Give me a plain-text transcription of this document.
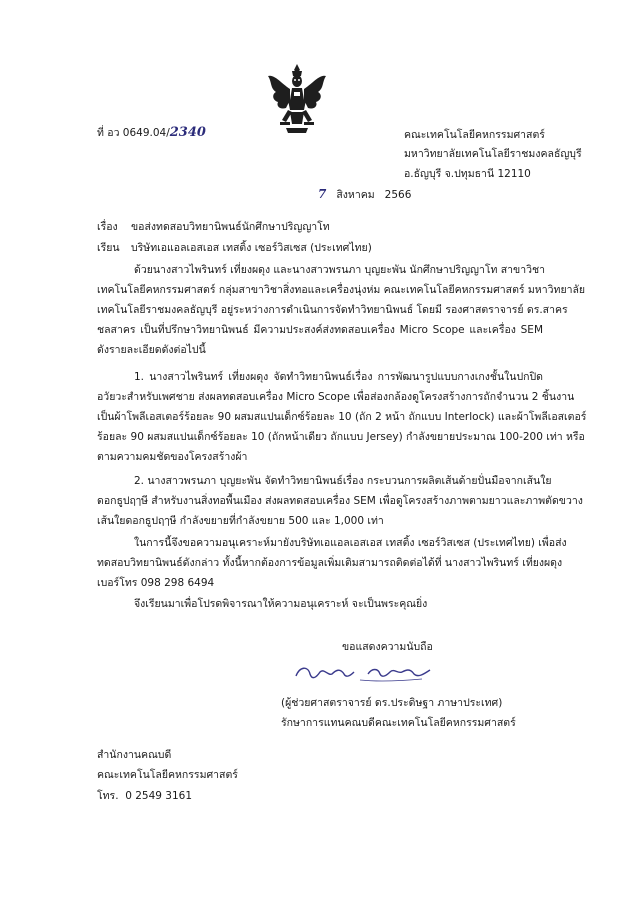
ที่ อว 0649.04/2340	คณะเทคโนโลยีคหกรรมศาสตร์
มหาวิทยาลัยเทคโนโลยีราชมงคลธัญบุรี
อ.ธัญบุรี จ.ปทุมธานี 12110
7 สิงหาคม   2566
เรื่อง ขอส่งทดสอบวิทยานิพนธ์นักศึกษาปริญญาโท
เรียน บริษัทเอแอลเอสเอส เทสติ้ง เซอร์วิสเซส (ประเทศไทย)
ด้วยนางสาวไพรินทร์ เที่ยงผดุง และนางสาวพรนภา บุญยะพัน นักศึกษาปริญญาโท สาขาวิชา
เทคโนโลยีคหกรรมศาสตร์ กลุ่มสาขาวิชาสิ่งทอและเครื่องนุ่งห่ม คณะเทคโนโลยีคหกรรมศาสตร์ มหาวิทยาลัย
เทคโนโลยีราชมงคลธัญบุรี อยู่ระหว่างการดำเนินการจัดทำวิทยานิพนธ์ โดยมี รองศาสตราจารย์ ดร.สาคร
ชลสาคร เป็นที่ปรึกษาวิทยานิพนธ์ มีความประสงค์ส่งทดสอบเครื่อง Micro Scope และเครื่อง SEM
ดังรายละเอียดดังต่อไปนี้
1. นางสาวไพรินทร์ เที่ยงผดุง จัดทำวิทยานิพนธ์เรื่อง การพัฒนารูปแบบกางเกงชั้นในปกปิด
อวัยวะสำหรับเพศชาย ส่งผลทดสอบเครื่อง Micro Scope เพื่อส่องกล้องดูโครงสร้างการถักจำนวน 2 ชิ้นงาน
เป็นผ้าโพลีเอสเตอร์ร้อยละ 90 ผสมสแปนเด็กซ์ร้อยละ 10 (ถัก 2 หน้า ถักแบบ Interlock) และผ้าโพลีเอสเตอร์
ร้อยละ 90 ผสมสแปนเด็กซ์ร้อยละ 10 (ถักหน้าเดียว ถักแบบ Jersey) กำลังขยายประมาณ 100-200 เท่า หรือ
ตามความคมชัดของโครงสร้างผ้า
2. นางสาวพรนภา บุญยะพัน จัดทำวิทยานิพนธ์เรื่อง กระบวนการผลิตเส้นด้ายปั่นมือจากเส้นใย
ดอกธูปฤๅษี สำหรับงานสิ่งทอพื้นเมือง ส่งผลทดสอบเครื่อง SEM เพื่อดูโครงสร้างภาพตามยาวและภาพตัดขวาง
เส้นใยดอกธูปฤๅษี กำลังขยายที่กำลังขยาย 500 และ 1,000 เท่า
ในการนี้จึงขอความอนุเคราะห์มายังบริษัทเอแอลเอสเอส เทสติ้ง เซอร์วิสเซส (ประเทศไทย) เพื่อส่ง
ทดสอบวิทยานิพนธ์ดังกล่าว ทั้งนี้หากต้องการข้อมูลเพิ่มเติมสามารถติดต่อได้ที่ นางสาวไพรินทร์ เที่ยงผดุง
เบอร์โทร 098 298 6494
จึงเรียนมาเพื่อโปรดพิจารณาให้ความอนุเคราะห์ จะเป็นพระคุณยิ่ง
ขอแสดงความนับถือ
(ผู้ช่วยศาสตราจารย์ ดร.ประดิษฐา ภาษาประเทศ)
รักษาการแทนคณบดีคณะเทคโนโลยีคหกรรมศาสตร์
สำนักงานคณบดี
คณะเทคโนโลยีคหกรรมศาสตร์
โทร.  0 2549 3161
